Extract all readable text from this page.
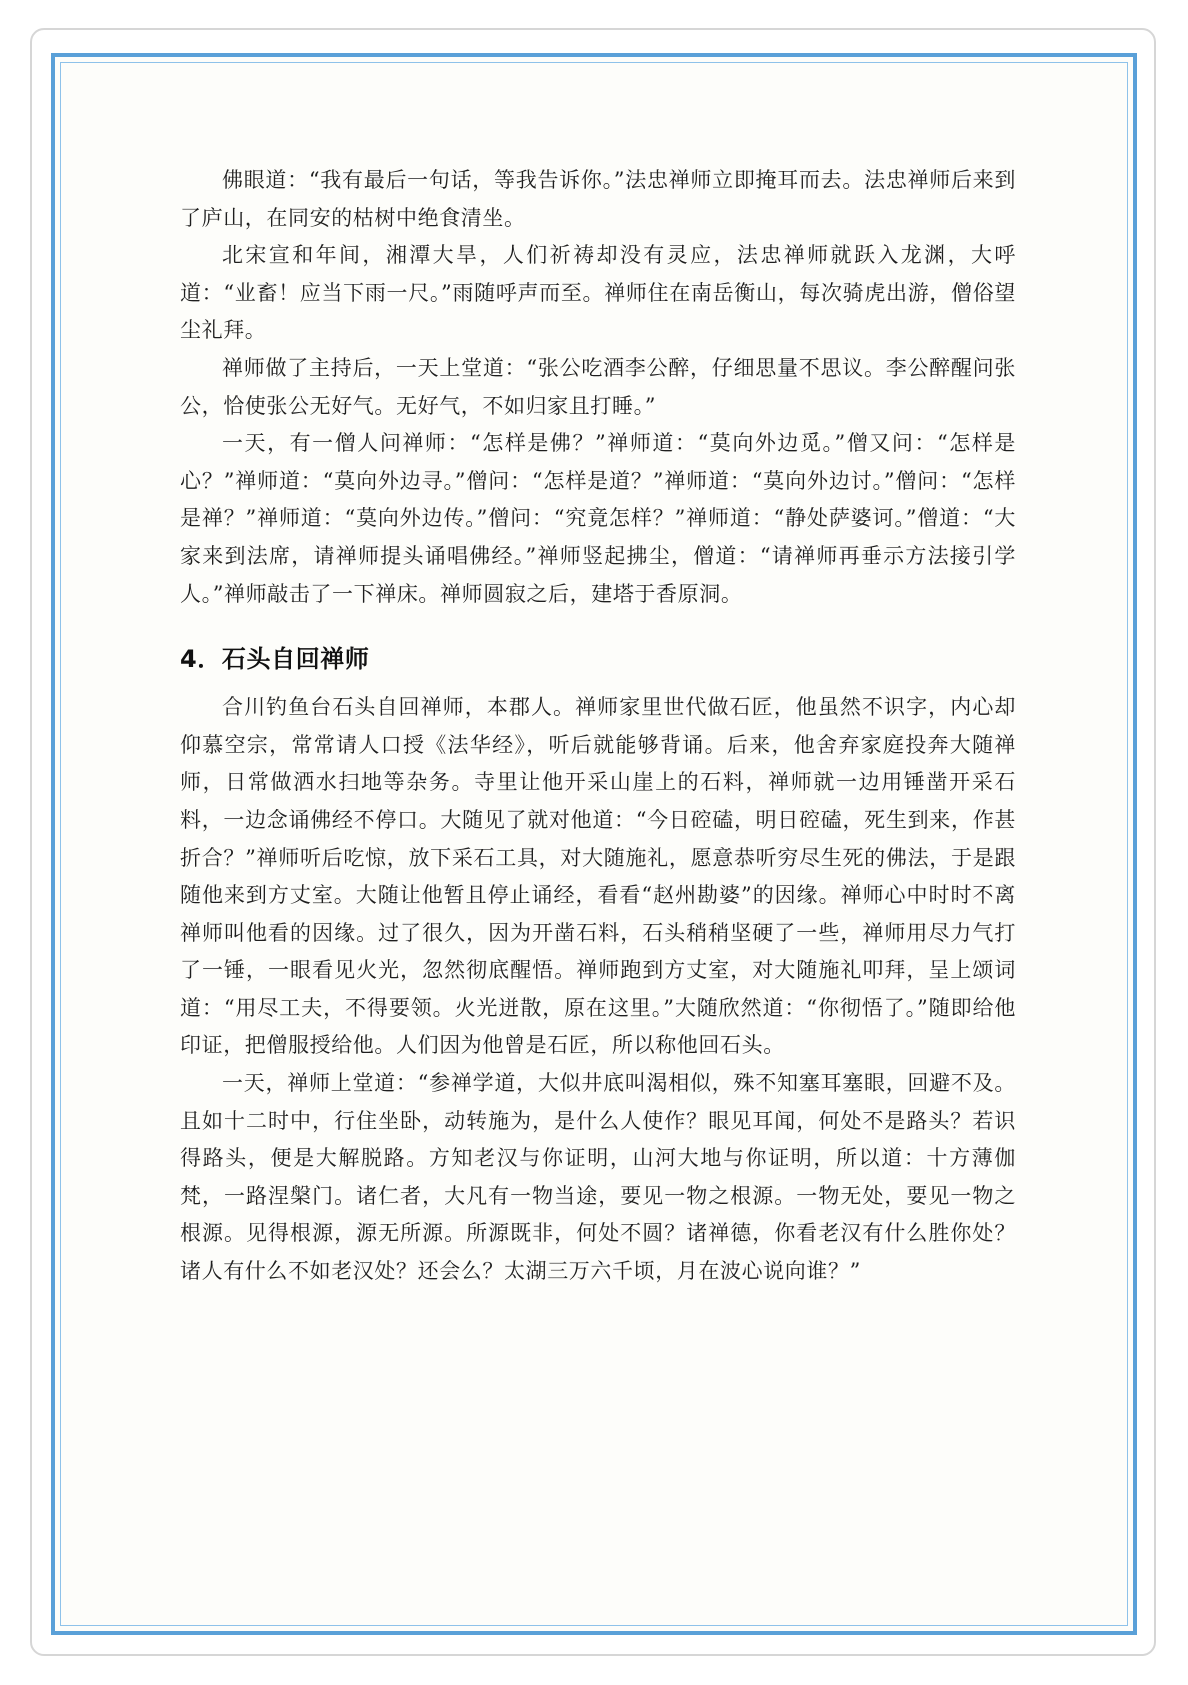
佛眼道：“我有最后一句话，等我告诉你。”法忠禅师立即掩耳而去。法忠禅师后来到了庐山，在同安的枯树中绝食清坐。

北宋宣和年间，湘潭大旱，人们祈祷却没有灵应，法忠禅师就跃入龙渊，大呼道：“业畜！应当下雨一尺。”雨随呼声而至。禅师住在南岳衡山，每次骑虎出游，僧俗望尘礼拜。

禅师做了主持后，一天上堂道：“张公吃酒李公醉，仔细思量不思议。李公醉醒问张公，恰使张公无好气。无好气，不如归家且打睡。”

一天，有一僧人问禅师：“怎样是佛？”禅师道：“莫向外边觅。”僧又问：“怎样是心？”禅师道：“莫向外边寻。”僧问：“怎样是道？”禅师道：“莫向外边讨。”僧问：“怎样是禅？”禅师道：“莫向外边传。”僧问：“究竟怎样？”禅师道：“静处萨婆诃。”僧道：“大家来到法席，请禅师提头诵唱佛经。”禅师竖起拂尘，僧道：“请禅师再垂示方法接引学人。”禅师敲击了一下禅床。禅师圆寂之后，建塔于香原洞。

4．石头自回禅师

合川钓鱼台石头自回禅师，本郡人。禅师家里世代做石匠，他虽然不识字，内心却仰慕空宗，常常请人口授《法华经》，听后就能够背诵。后来，他舍弃家庭投奔大随禅师，日常做洒水扫地等杂务。寺里让他开采山崖上的石料，禅师就一边用锤凿开采石料，一边念诵佛经不停口。大随见了就对他道：“今日硿磕，明日硿磕，死生到来，作甚折合？”禅师听后吃惊，放下采石工具，对大随施礼，愿意恭听穷尽生死的佛法，于是跟随他来到方丈室。大随让他暂且停止诵经，看看“赵州勘婆”的因缘。禅师心中时时不离禅师叫他看的因缘。过了很久，因为开凿石料，石头稍稍坚硬了一些，禅师用尽力气打了一锤，一眼看见火光，忽然彻底醒悟。禅师跑到方丈室，对大随施礼叩拜，呈上颂词道：“用尽工夫，不得要领。火光迸散，原在这里。”大随欣然道：“你彻悟了。”随即给他印证，把僧服授给他。人们因为他曾是石匠，所以称他回石头。

一天，禅师上堂道：“参禅学道，大似井底叫渴相似，殊不知塞耳塞眼，回避不及。且如十二时中，行住坐卧，动转施为，是什么人使作？眼见耳闻，何处不是路头？若识得路头，便是大解脱路。方知老汉与你证明，山河大地与你证明，所以道：十方薄伽梵，一路涅槃门。诸仁者，大凡有一物当途，要见一物之根源。一物无处，要见一物之根源。见得根源，源无所源。所源既非，何处不圆？诸禅德，你看老汉有什么胜你处？诸人有什么不如老汉处？还会么？太湖三万六千顷，月在波心说向谁？”
